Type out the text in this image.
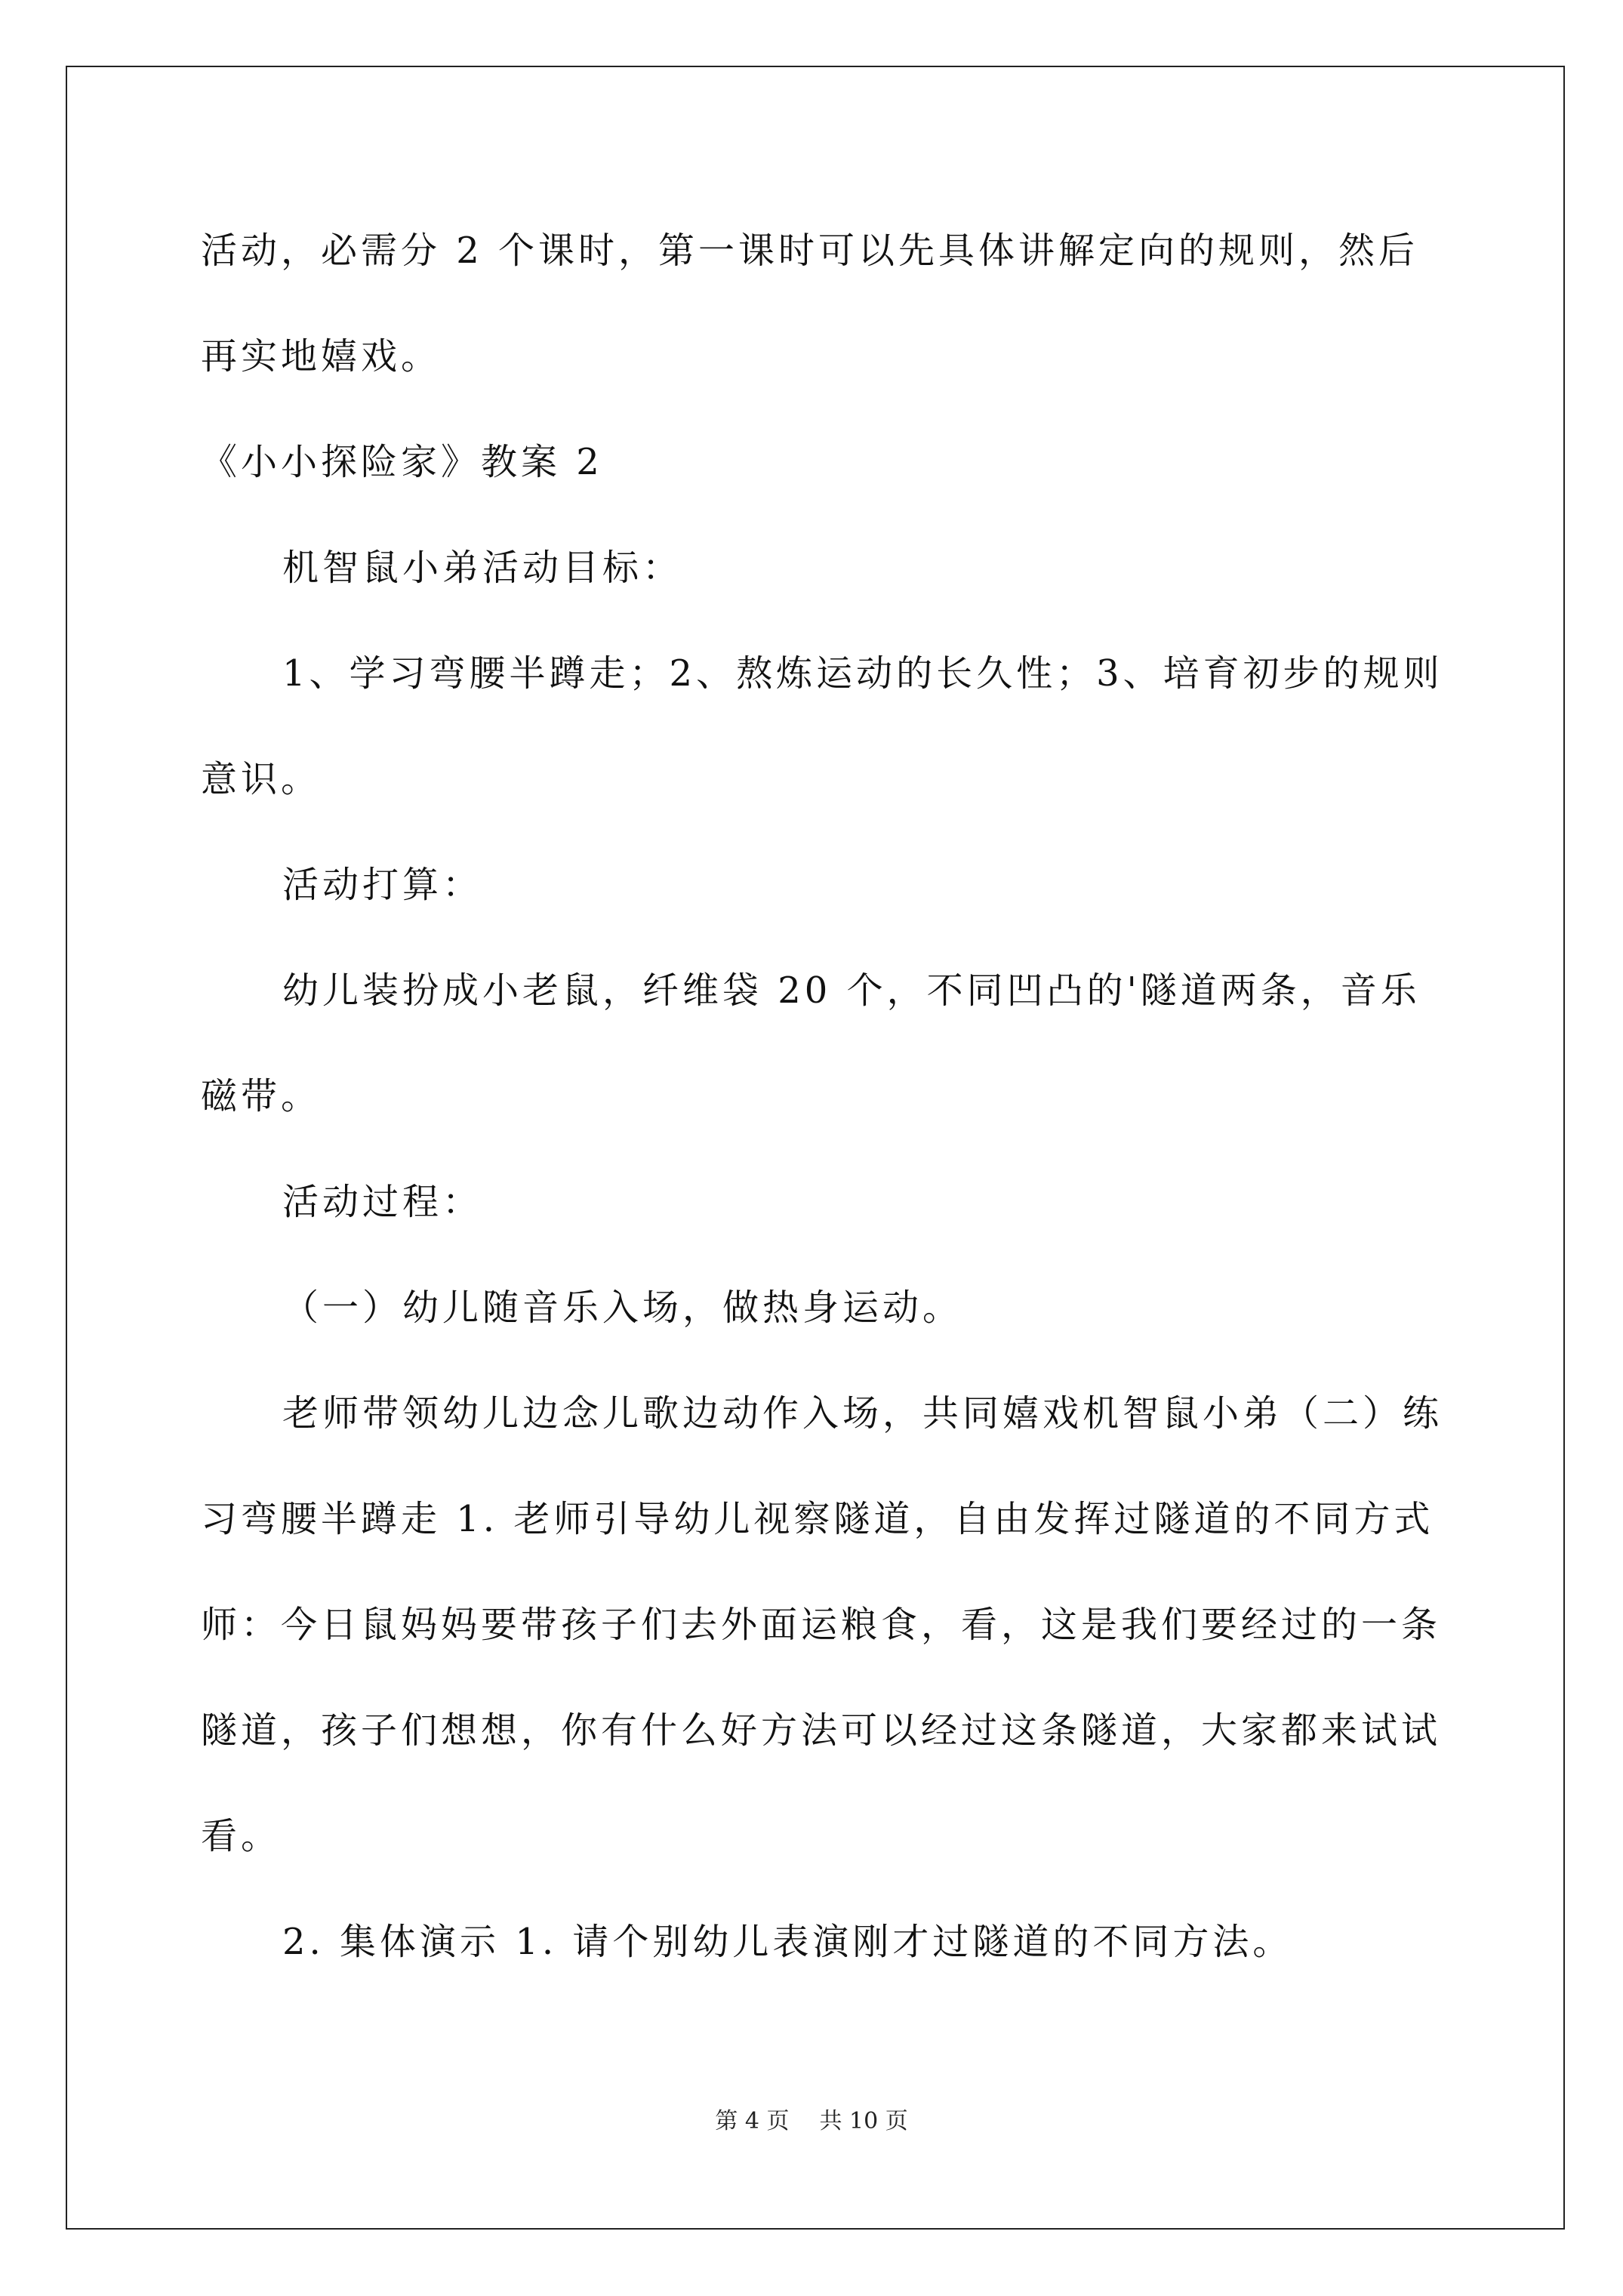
活动，必需分 2 个课时，第一课时可以先具体讲解定向的规则，然后再实地嬉戏。

《小小探险家》教案 2

机智鼠小弟活动目标：

1、学习弯腰半蹲走；2、熬炼运动的长久性；3、培育初步的规则意识。

活动打算：

幼儿装扮成小老鼠，纤维袋 20 个，不同凹凸的'隧道两条，音乐磁带。

活动过程：

（一）幼儿随音乐入场，做热身运动。

老师带领幼儿边念儿歌边动作入场，共同嬉戏机智鼠小弟（二）练习弯腰半蹲走 1. 老师引导幼儿视察隧道，自由发挥过隧道的不同方式师：今日鼠妈妈要带孩子们去外面运粮食，看，这是我们要经过的一条隧道，孩子们想想，你有什么好方法可以经过这条隧道，大家都来试试看。

2. 集体演示 1. 请个别幼儿表演刚才过隧道的不同方法。

第 4 页 共 10 页
